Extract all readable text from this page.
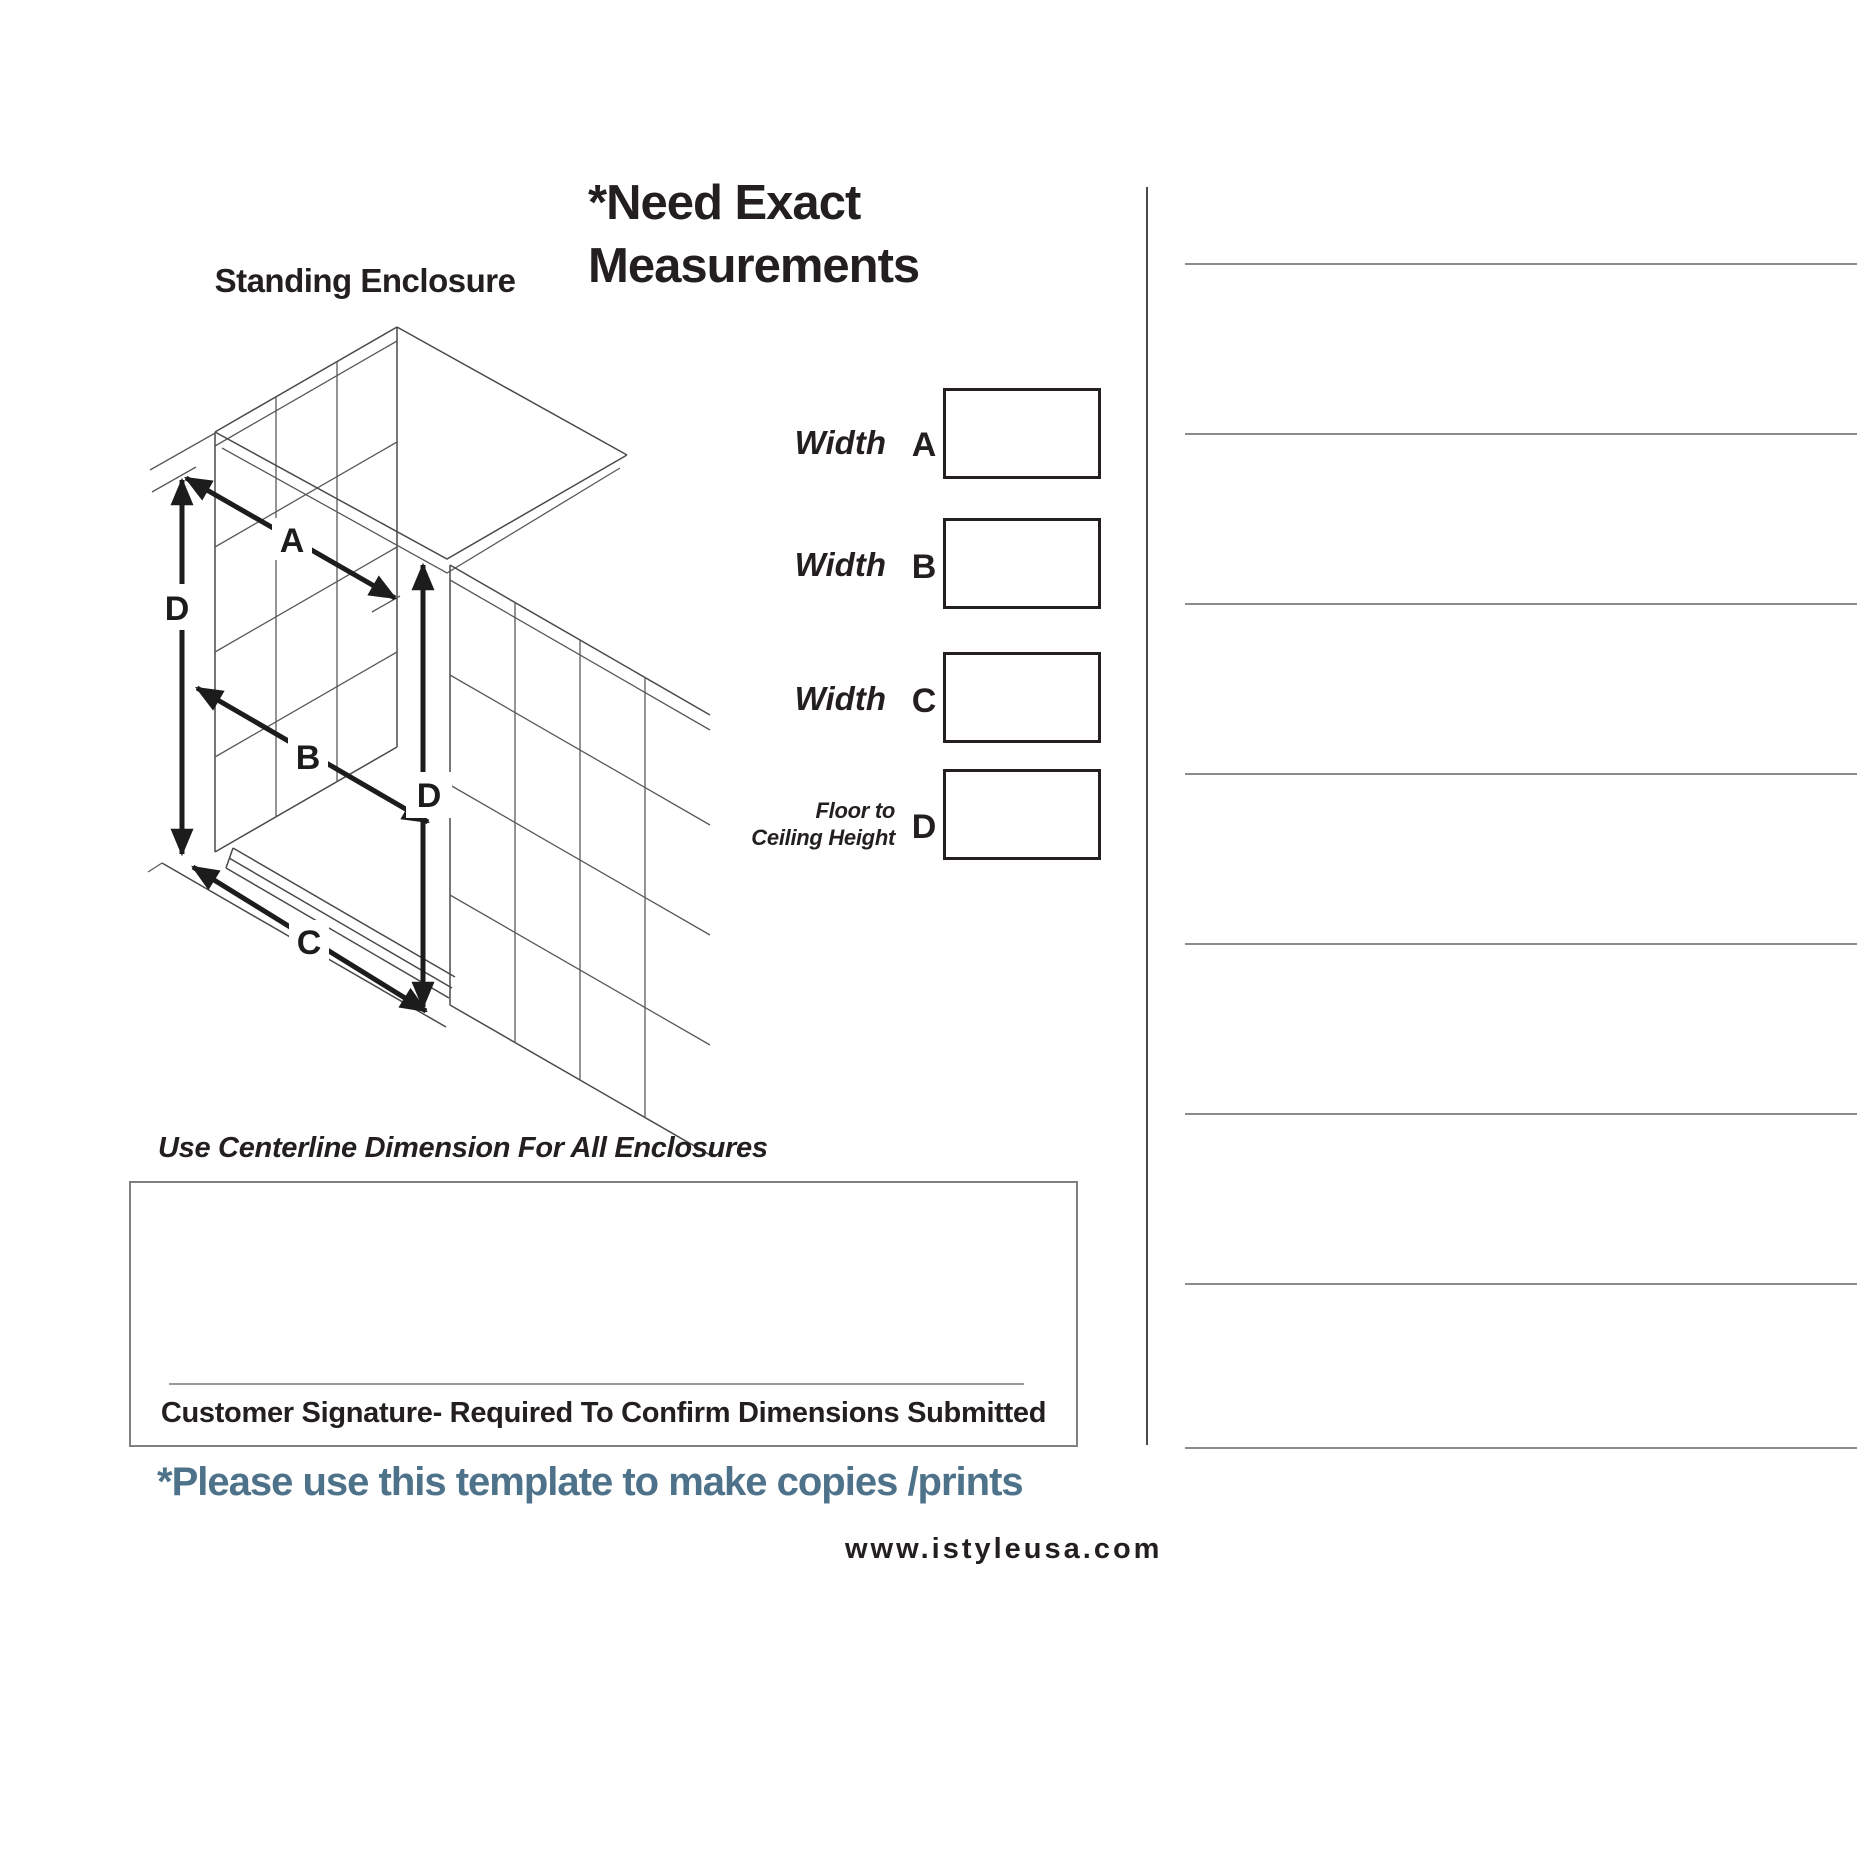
A
D
B
D
C
Standing Enclosure
*Need Exact
Measurements
Width A
Width B
Width C
Floor to
Ceiling Height D
Use Centerline Dimension For All Enclosures
Customer Signature- Required To Confirm Dimensions Submitted
*Please use this template to make copies /prints
www.istyleusa.com
